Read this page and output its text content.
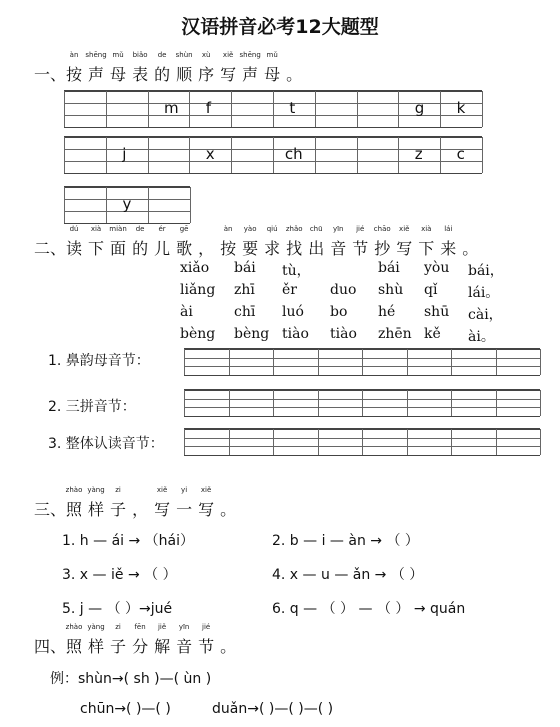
汉语拼音必考12大题型
一、
àn
按
shēng
声
mǔ
母
biǎo
表
de
的
shùn
顺
xù
序
xiě
写
shēng
声
mǔ
母 。
m f	t	g k
j	x	ch	z c
y
二、
dú
读
xià
下
miàn
面
de
的
ér
儿
gē
歌 ，
àn
按
yào
要
qiú
求
zhǎo
找
chū
出
yīn
音
jié
节
chāo
抄
xiě
写
xià
下
lái
来 。
xiǎo bái tù，	bái yòu bái，
liǎng zhī ěr duo shù qǐ lái。
ài	chī luó bo hé shū cài，
bèng bèng tiào tiào zhēn kě ài。
1. 鼻韵母音节：
2. 三拼音节：
3. 整体认读音节：
三、
zhào
照
yàng
样
zi
子 ，
xiě
写
yi
一
xiě
写 。
1. h — ái → （hái）	2. b — i — àn → （ ）
3. x — iě → （ ）	4. x — u — ǎn → （ ）
5. j — （ ）→jué	6. q — （ ） — （ ） → quán
四、
zhào
照
yàng
样
zi
子
fēn
分
jiě
解
yīn
音
jié
节 。
例：shùn→( sh )—( ùn )
chūn→( )—( )	duǎn→( )—( )—( )
